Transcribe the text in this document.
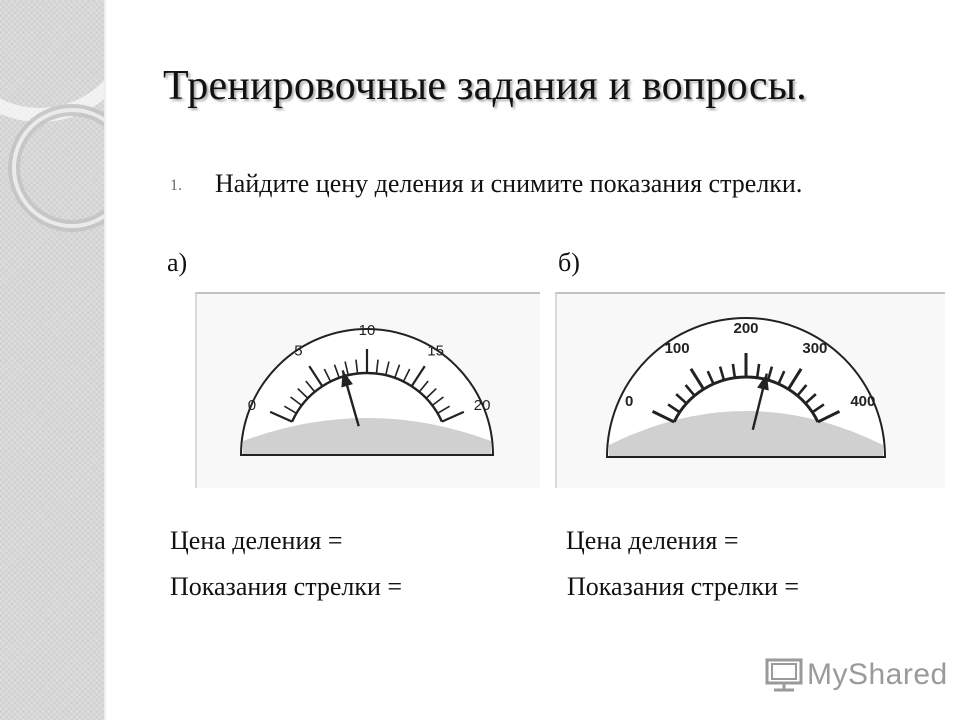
Тренировочные задания и вопросы.
1. Найдите цену деления и снимите показания стрелки.
а)	б)
0
5
10
15
20	0
100
200
300
400
Цена деления =
Показания стрелки =
Цена деления =
Показания стрелки =
MyShared
